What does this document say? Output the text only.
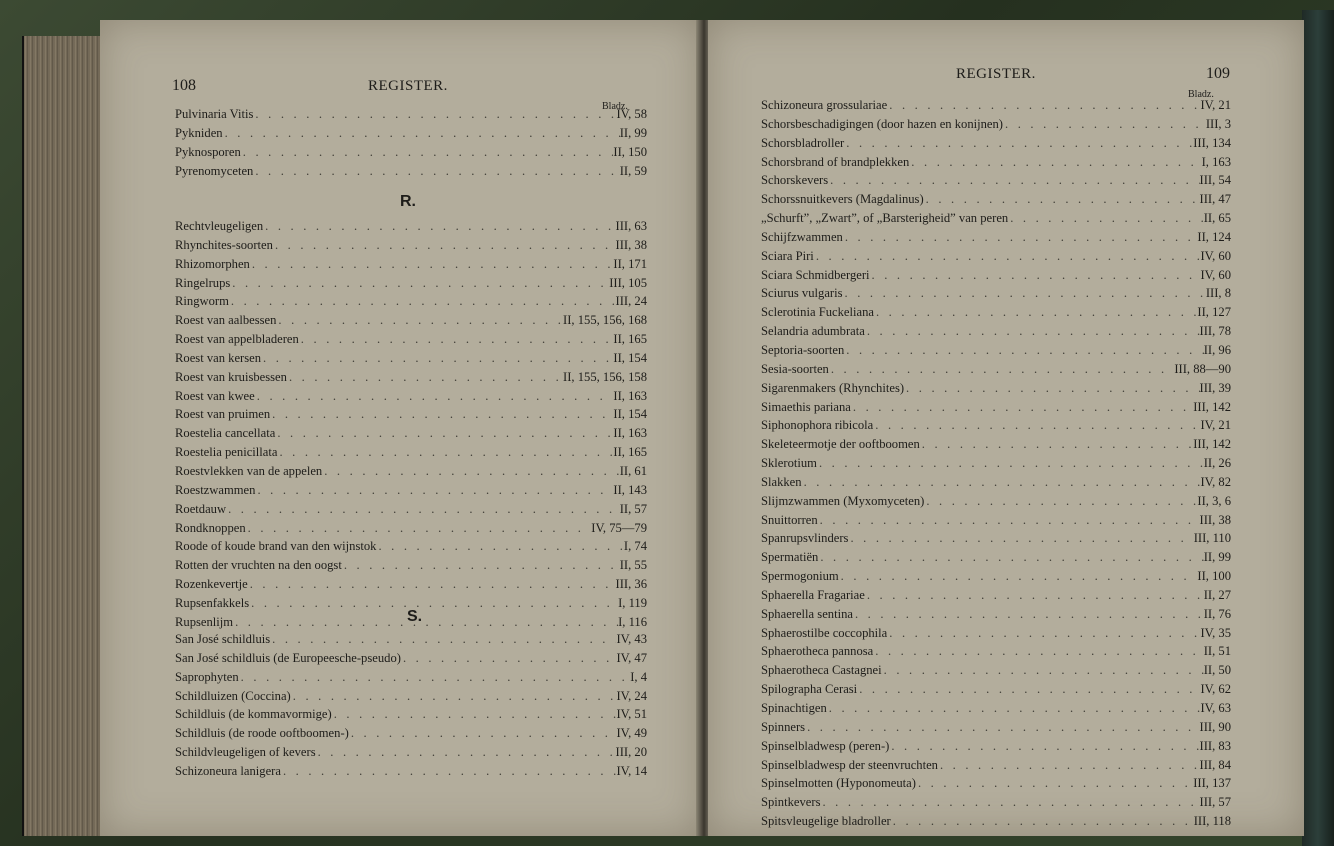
108	REGISTER.
Bladz.
Pulvinaria Vitis . . .	IV, 58
Pykniden . . .	II, 99
Pyknosporen . . .	II, 150
Pyrenomyceten . . .	II, 59
R.
Rechtvleugeligen . . .	III, 63
Rhynchites-soorten . . .	III, 38
Rhizomorphen . . .	II, 171
Ringelrups . . .	III, 105
Ringworm . . .	III, 24
Roest van aalbessen . . .	II, 155, 156, 168
Roest van appelbladeren . . .	II, 165
Roest van kersen . . .	II, 154
Roest van kruisbessen . . .	II, 155, 156, 158
Roest van kwee . . .	II, 163
Roest van pruimen . . .	II, 154
Roestelia cancellata . . .	II, 163
Roestelia penicillata . . .	II, 165
Roestvlekken van de appelen . . .	II, 61
Roestzwammen . . .	II, 143
Roetdauw . . .	II, 57
Rondknoppen . . .	IV, 75—79
Roode of koude brand van den wijnstok . . .	I, 74
Rotten der vruchten na den oogst . . .	II, 55
Rozenkevertje . . .	III, 36
Rupsenfakkels . . .	I, 119
Rupsenlijm . . .	I, 116
S.
San José schildluis . . .	IV, 43
San José schildluis (de Europeesche-pseudo) . . .	IV, 47
Saprophyten . . .	I, 4
Schildluizen (Coccina) . . .	IV, 24
Schildluis (de kommavormige) . . .	IV, 51
Schildluis (de roode ooftboomen-) . . .	IV, 49
Schildvleugeligen of kevers . . .	III, 20
Schizoneura lanigera . . .	IV, 14
REGISTER.	109
Bladz.
Schizoneura grossulariae . . .	IV, 21
Schorsbeschadigingen (door hazen en konijnen) . . .	III, 3
Schorsbladroller . . .	III, 134
Schorsbrand of brandplekken . . .	I, 163
Schorskevers . . .	III, 54
Schorssnuitkevers (Magdalinus) . . .	III, 47
„Schurft”, „Zwart”, of „Barsterigheid” van peren . . .	II, 65
Schijfzwammen . . .	II, 124
Sciara Piri . . .	IV, 60
Sciara Schmidbergeri . . .	IV, 60
Sciurus vulgaris . . .	III, 8
Sclerotinia Fuckeliana . . .	II, 127
Selandria adumbrata . . .	III, 78
Septoria-soorten . . .	II, 96
Sesia-soorten . . .	III, 88—90
Sigarenmakers (Rhynchites) . . .	III, 39
Simaethis pariana . . .	III, 142
Siphonophora ribicola . . .	IV, 21
Skeleteermotje der ooftboomen . . .	III, 142
Sklerotium . . .	II, 26
Slakken . . .	IV, 82
Slijmzwammen (Myxomyceten) . . .	II, 3, 6
Snuittorren . . .	III, 38
Spanrupsvlinders . . .	III, 110
Spermatiën . . .	II, 99
Spermogonium . . .	II, 100
Sphaerella Fragariae . . .	II, 27
Sphaerella sentina . . .	II, 76
Sphaerostilbe coccophila . . .	IV, 35
Sphaerotheca pannosa . . .	II, 51
Sphaerotheca Castagnei . . .	II, 50
Spilographa Cerasi . . .	IV, 62
Spinachtigen . . .	IV, 63
Spinners . . .	III, 90
Spinselbladwesp (peren-) . . .	III, 83
Spinselbladwesp der steenvruchten . . .	III, 84
Spinselmotten (Hyponomeuta) . . .	III, 137
Spintkevers . . .	III, 57
Spitsvleugelige bladroller . . .	III, 118
